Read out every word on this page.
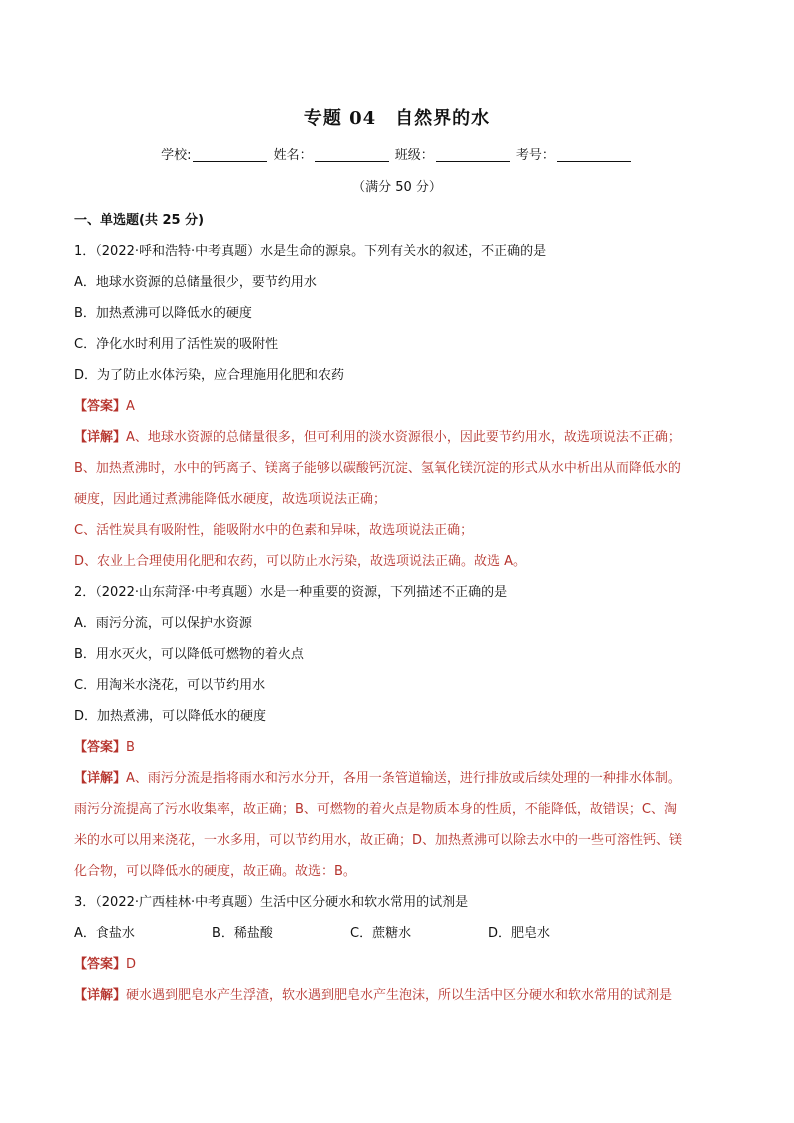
专题 04　自然界的水
学校:	姓名：	班级：	考号：
（满分 50 分）

一、单选题(共 25 分)

1．（2022·呼和浩特·中考真题）水是生命的源泉。下列有关水的叙述，不正确的是

A．地球水资源的总储量很少，要节约用水

B．加热煮沸可以降低水的硬度

C．净化水时利用了活性炭的吸附性

D．为了防止水体污染，应合理施用化肥和农药

【答案】A

【详解】A、地球水资源的总储量很多，但可利用的淡水资源很小，因此要节约用水，故选项说法不正确；

B、加热煮沸时，水中的钙离子、镁离子能够以碳酸钙沉淀、氢氧化镁沉淀的形式从水中析出从而降低水的

硬度，因此通过煮沸能降低水硬度，故选项说法正确；

C、活性炭具有吸附性，能吸附水中的色素和异味，故选项说法正确；

D、农业上合理使用化肥和农药，可以防止水污染，故选项说法正确。故选 A。

2．（2022·山东菏泽·中考真题）水是一种重要的资源，下列描述不正确的是

A．雨污分流，可以保护水资源

B．用水灭火，可以降低可燃物的着火点

C．用淘米水浇花，可以节约用水

D．加热煮沸，可以降低水的硬度

【答案】B

【详解】A、雨污分流是指将雨水和污水分开，各用一条管道输送，进行排放或后续处理的一种排水体制。

雨污分流提高了污水收集率，故正确；B、可燃物的着火点是物质本身的性质，不能降低，故错误；C、淘

米的水可以用来浇花，一水多用，可以节约用水，故正确；D、加热煮沸可以除去水中的一些可溶性钙、镁

化合物，可以降低水的硬度，故正确。故选：B。

3．（2022·广西桂林·中考真题）生活中区分硬水和软水常用的试剂是

A．食盐水	B．稀盐酸	C．蔗糖水	D．肥皂水

【答案】D

【详解】硬水遇到肥皂水产生浮渣，软水遇到肥皂水产生泡沫，所以生活中区分硬水和软水常用的试剂是
